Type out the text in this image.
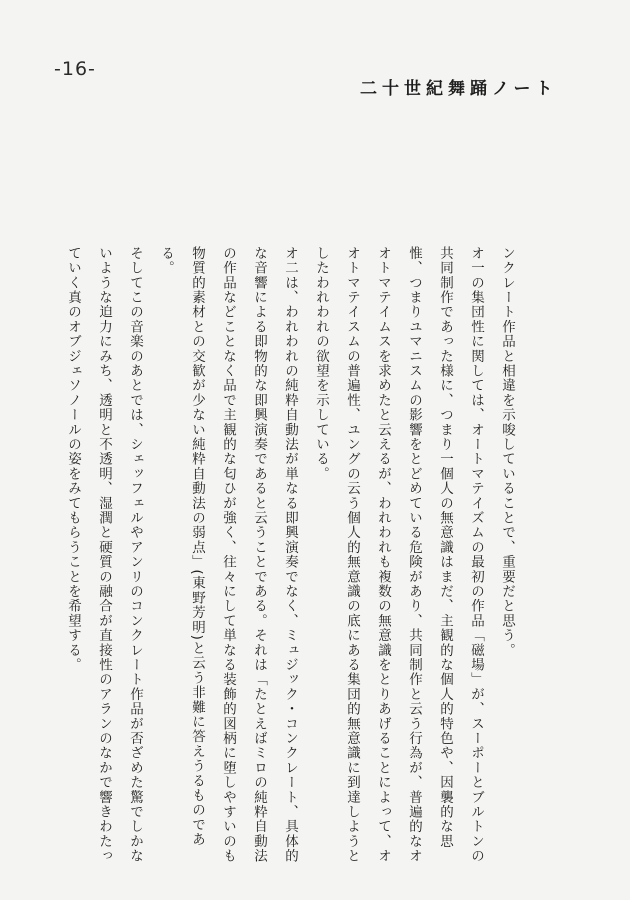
-16-
二十世紀舞踊ノート

ンクレート作品と相違を示唆していることで、重要だと思う。

オ一の集団性に関しては、オートマテイズムの最初の作品「磁場」が、スーポーとブルトンの共同制作であった様に、つまり一個人の無意識はまだ、主観的な個人的特色や、因襲的な思惟、つまりユマニスムの影響をとどめている危険があり、共同制作と云う行為が、普遍的なオオトマテイムスを求めたと云えるが、われわれも複数の無意識をとりあげることによって、オオトマテイスムの普遍性、ユングの云う個人的無意識の底にある集団的無意識に到達しようとしたわれわれの欲望を示している。

オ二は、われわれの純粋自動法が単なる即興演奏でなく、ミュジック・コンクレート、具体的な音響による即物的な即興演奏であると云うことである。それは「たとえばミロの純粋自動法の作品などことなく品で主観的な匂ひが強く、往々にして単なる装飾的図柄に堕しやすいのも物質的素材との交歓が少ない純粋自動法の弱点」(東野芳明)と云う非難に答えうるものである。

そしてこの音楽のあとでは、シェッフェルやアンリのコンクレート作品が否ざめた驚でしかないような迫力にみち、透明と不透明、湿潤と硬質の融合が直接性のアランのなかで響きわたっていく真のオブジェソノールの姿をみてもらうことを希望する。
